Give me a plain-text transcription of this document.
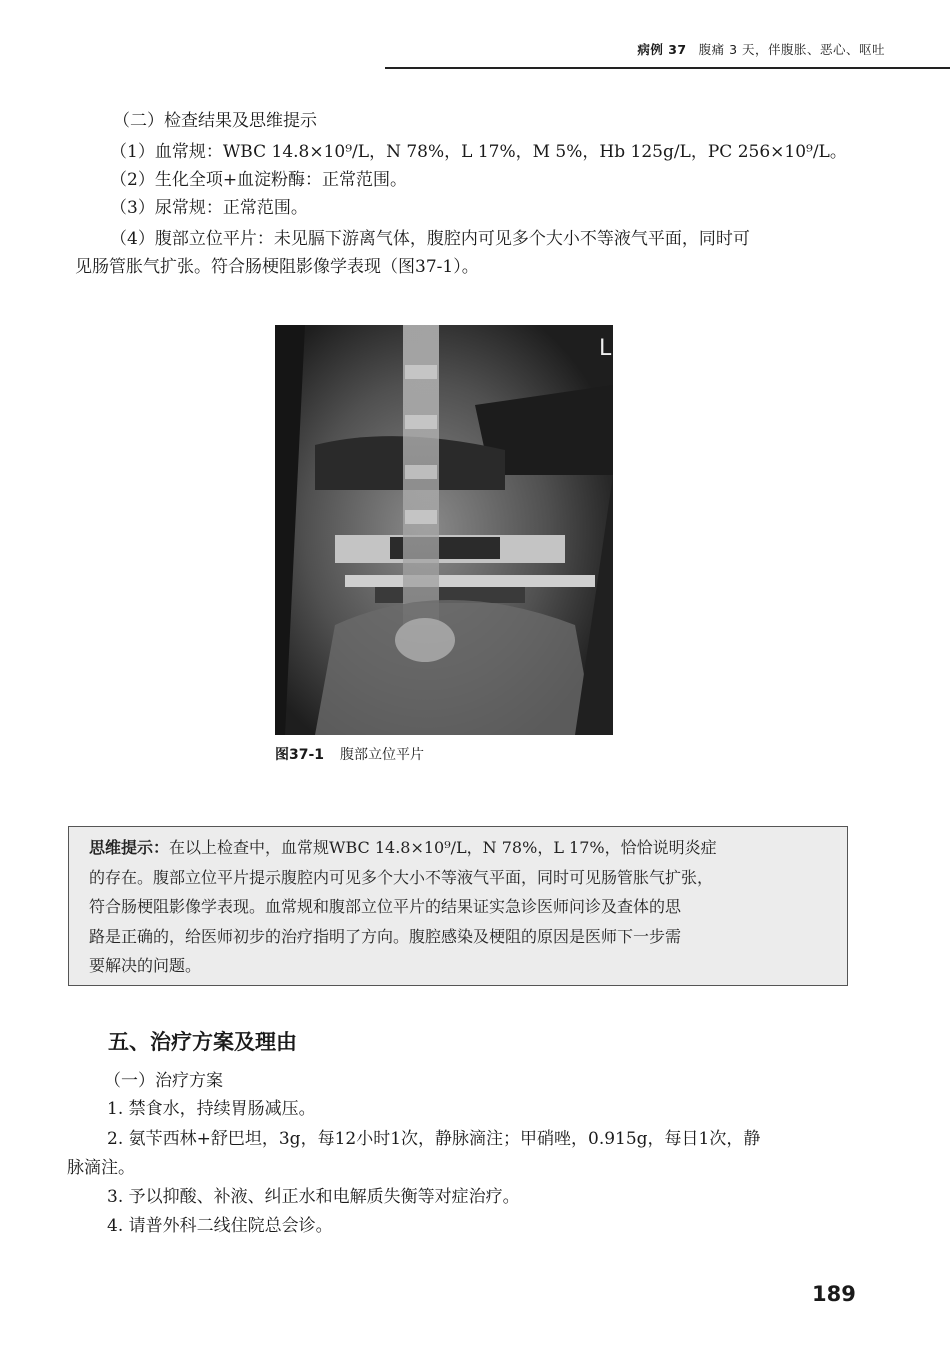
病例 37 腹痛 3 天，伴腹胀、恶心、呕吐
（二）检查结果及思维提示
（1）血常规：WBC 14.8×10⁹/L，N 78%，L 17%，M 5%，Hb 125g/L，PC 256×10⁹/L。
（2）生化全项+血淀粉酶：正常范围。
（3）尿常规：正常范围。
（4）腹部立位平片：未见膈下游离气体，腹腔内可见多个大小不等液气平面，同时可
见肠管胀气扩张。符合肠梗阻影像学表现（图37-1）。
L
图37-1 腹部立位平片
思维提示：在以上检查中，血常规WBC 14.8×10⁹/L，N 78%，L 17%，恰恰说明炎症
的存在。腹部立位平片提示腹腔内可见多个大小不等液气平面，同时可见肠管胀气扩张，
符合肠梗阻影像学表现。血常规和腹部立位平片的结果证实急诊医师问诊及查体的思
路是正确的，给医师初步的治疗指明了方向。腹腔感染及梗阻的原因是医师下一步需
要解决的问题。
五、治疗方案及理由
（一）治疗方案
1. 禁食水，持续胃肠减压。
2. 氨苄西林+舒巴坦，3g，每12小时1次，静脉滴注；甲硝唑，0.915g，每日1次，静
脉滴注。
3. 予以抑酸、补液、纠正水和电解质失衡等对症治疗。
4. 请普外科二线住院总会诊。
189
